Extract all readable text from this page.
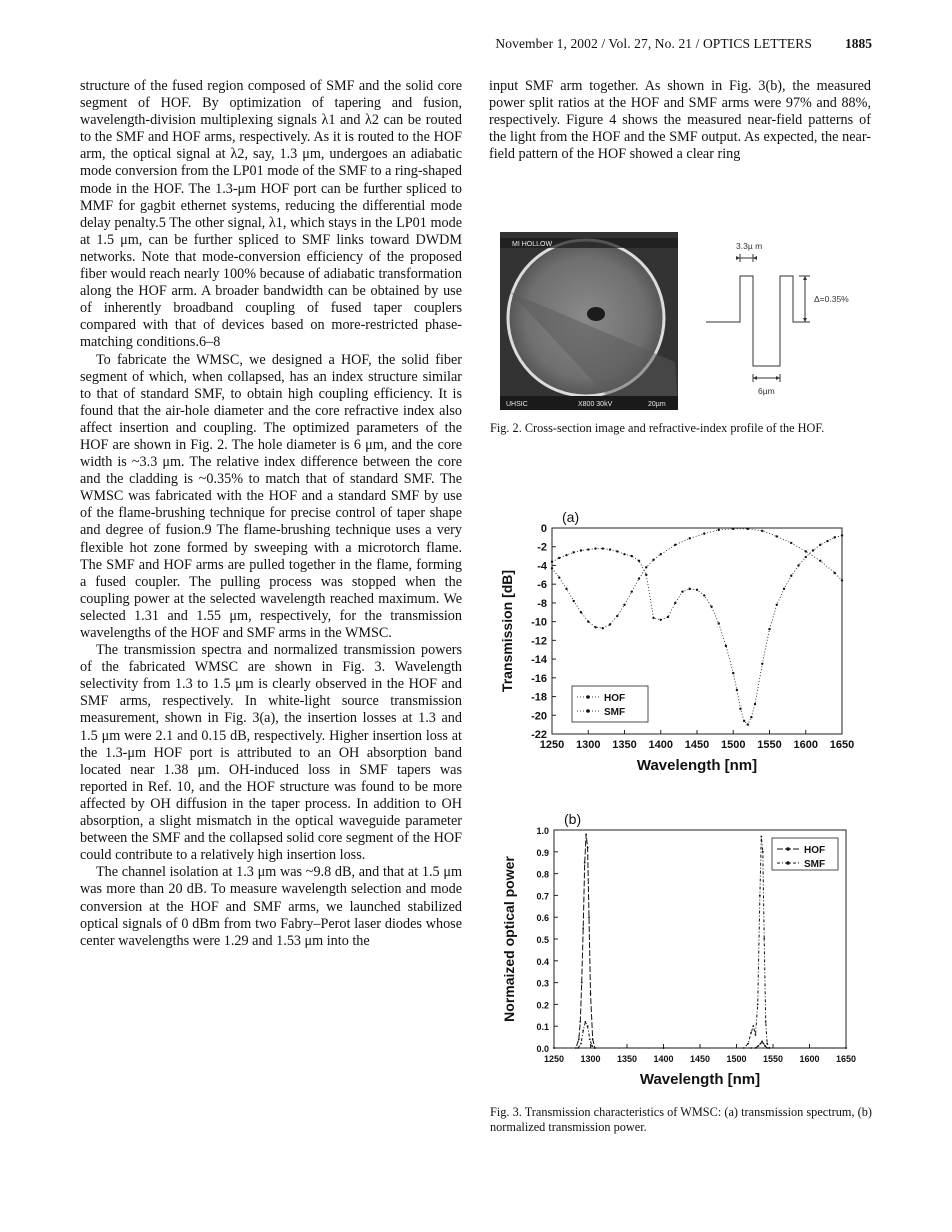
November 1, 2002 / Vol. 27, No. 21 / OPTICS LETTERS 1885

structure of the fused region composed of SMF and the solid core segment of HOF. By optimization of tapering and fusion, wavelength-division multiplexing signals λ1 and λ2 can be routed to the SMF and HOF arms, respectively. As it is routed to the HOF arm, the optical signal at λ2, say, 1.3 μm, undergoes an adiabatic mode conversion from the LP01 mode of the SMF to a ring-shaped mode in the HOF. The 1.3-μm HOF port can be further spliced to MMF for gagbit ethernet systems, reducing the differential mode delay penalty.5 The other signal, λ1, which stays in the LP01 mode at 1.5 μm, can be further spliced to SMF links toward DWDM networks. Note that mode-conversion efficiency of the proposed fiber would reach nearly 100% because of adiabatic transformation along the HOF arm. A broader bandwidth can be obtained by use of inherently broadband coupling of fused taper couplers compared with that of devices based on more-restricted phase-matching conditions.6–8

To fabricate the WMSC, we designed a HOF, the solid fiber segment of which, when collapsed, has an index structure similar to that of standard SMF, to obtain high coupling efficiency. It is found that the air-hole diameter and the core refractive index also affect insertion and coupling. The optimized parameters of the HOF are shown in Fig. 2. The hole diameter is 6 μm, and the core width is ~3.3 μm. The relative index difference between the core and the cladding is ~0.35% to match that of standard SMF. The WMSC was fabricated with the HOF and a standard SMF by use of the flame-brushing technique for precise control of taper shape and degree of fusion.9 The flame-brushing technique uses a very flexible hot zone formed by sweeping with a microtorch flame. The SMF and HOF arms are pulled together in the flame, forming a fused coupler. The pulling process was stopped when the coupling power at the selected wavelength reached maximum. We selected 1.31 and 1.55 μm, respectively, for the transmission wavelengths of the HOF and SMF arms in the WMSC.

The transmission spectra and normalized transmission powers of the fabricated WMSC are shown in Fig. 3. Wavelength selectivity from 1.3 to 1.5 μm is clearly observed in the HOF and SMF arms, respectively. In white-light source transmission measurement, shown in Fig. 3(a), the insertion losses at 1.3 and 1.5 μm were 2.1 and 0.15 dB, respectively. Higher insertion loss at the 1.3-μm HOF port is attributed to an OH absorption band located near 1.38 μm. OH-induced loss in SMF tapers was reported in Ref. 10, and the HOF structure was found to be more affected by OH diffusion in the taper process. In addition to OH absorption, a slight mismatch in the optical waveguide parameter between the SMF and the collapsed solid core segment of the HOF could contribute to a relatively high insertion loss.

The channel isolation at 1.3 μm was ~9.8 dB, and that at 1.5 μm was more than 20 dB. To measure wavelength selection and mode conversion at the HOF and SMF arms, we launched stabilized optical signals of 0 dBm from two Fabry–Perot laser diodes whose center wavelengths were 1.29 and 1.53 μm into the

input SMF arm together. As shown in Fig. 3(b), the measured power split ratios at the HOF and SMF arms were 97% and 88%, respectively. Figure 4 shows the measured near-field patterns of the light from the HOF and the SMF output. As expected, the near-field pattern of the HOF showed a clear ring

MI HOLLOW
UHSIC	X800 30kV	20µm
3.3µ m
Δ=0.35%
6µm
Fig. 2. Cross-section image and refractive-index profile of the HOF.
1250 1300 1350 1400 1450 1500 1550 1600 1650
0
-2
-4
-6
-8
-10
-12
-14
-16
-18
-20
-22
Wavelength [nm]
Transmission [dB]
(a)
HOF
SMF
1250 1300 1350 1400 1450 1500 1550 1600 1650
0.0
0.1
0.2
0.3
0.4
0.5
0.6
0.7
0.8
0.9
1.0
Wavelength [nm]
Normaized optical power
(b)
HOF
SMF
Fig. 3. Transmission characteristics of WMSC: (a) transmission spectrum, (b) normalized transmission power.
